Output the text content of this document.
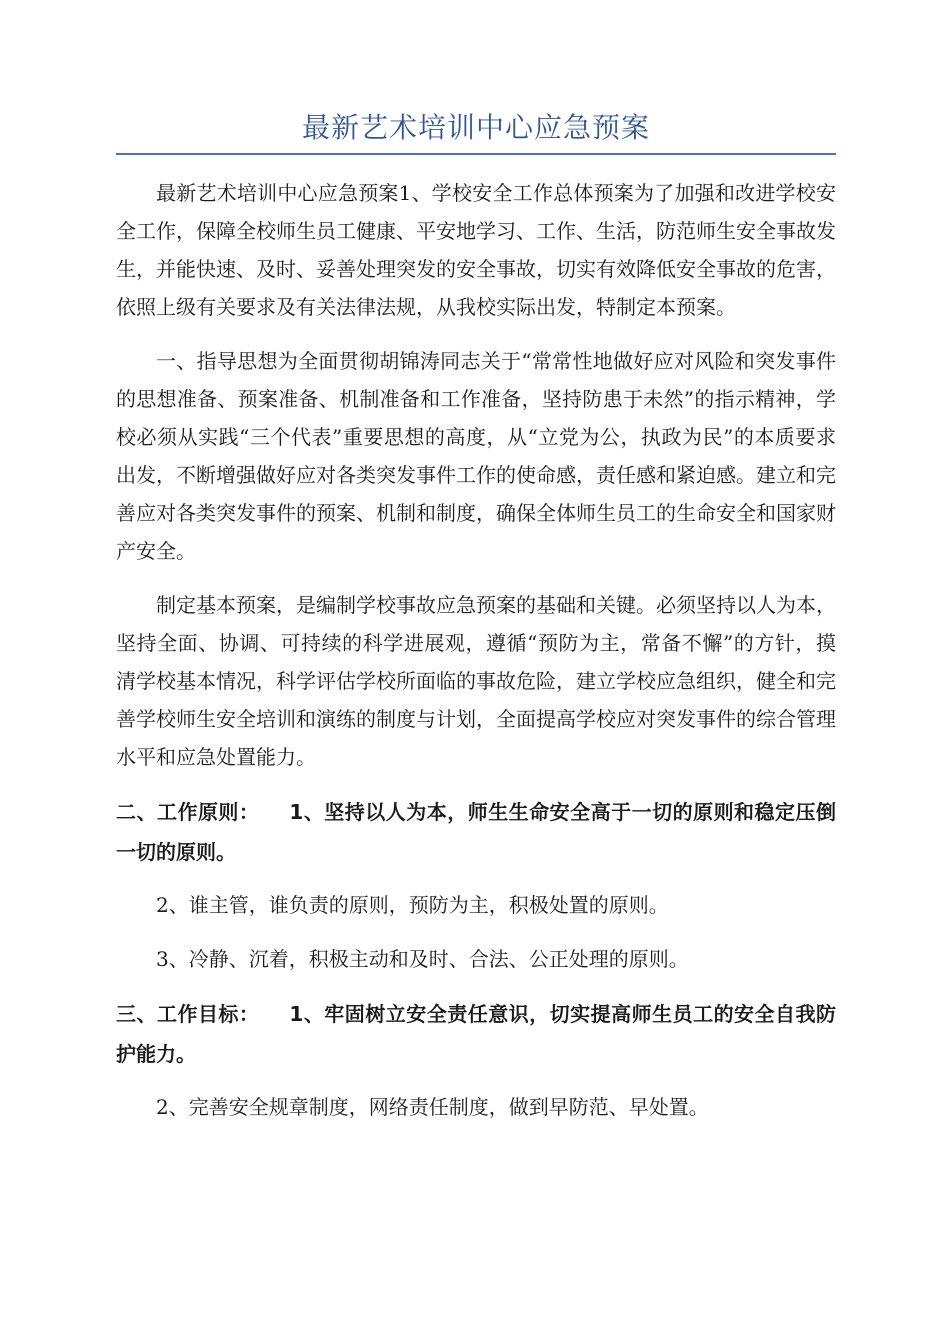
最新艺术培训中心应急预案

最新艺术培训中心应急预案1、学校安全工作总体预案为了加强和改进学校安全工作，保障全校师生员工健康、平安地学习、工作、生活，防范师生安全事故发生，并能快速、及时、妥善处理突发的安全事故，切实有效降低安全事故的危害，依照上级有关要求及有关法律法规，从我校实际出发，特制定本预案。

一、指导思想为全面贯彻胡锦涛同志关于“常常性地做好应对风险和突发事件的思想准备、预案准备、机制准备和工作准备，坚持防患于未然”的指示精神，学校必须从实践“三个代表”重要思想的高度，从“立党为公，执政为民”的本质要求出发，不断增强做好应对各类突发事件工作的使命感，责任感和紧迫感。建立和完善应对各类突发事件的预案、机制和制度，确保全体师生员工的生命安全和国家财产安全。

制定基本预案，是编制学校事故应急预案的基础和关键。必须坚持以人为本，坚持全面、协调、可持续的科学进展观，遵循“预防为主，常备不懈”的方针，摸清学校基本情况，科学评估学校所面临的事故危险，建立学校应急组织，健全和完善学校师生安全培训和演练的制度与计划，全面提高学校应对突发事件的综合管理水平和应急处置能力。

二、工作原则： 1、坚持以人为本，师生生命安全高于一切的原则和稳定压倒一切的原则。

2、谁主管，谁负责的原则，预防为主，积极处置的原则。

3、冷静、沉着，积极主动和及时、合法、公正处理的原则。

三、工作目标： 1、牢固树立安全责任意识，切实提高师生员工的安全自我防护能力。

2、完善安全规章制度，网络责任制度，做到早防范、早处置。
